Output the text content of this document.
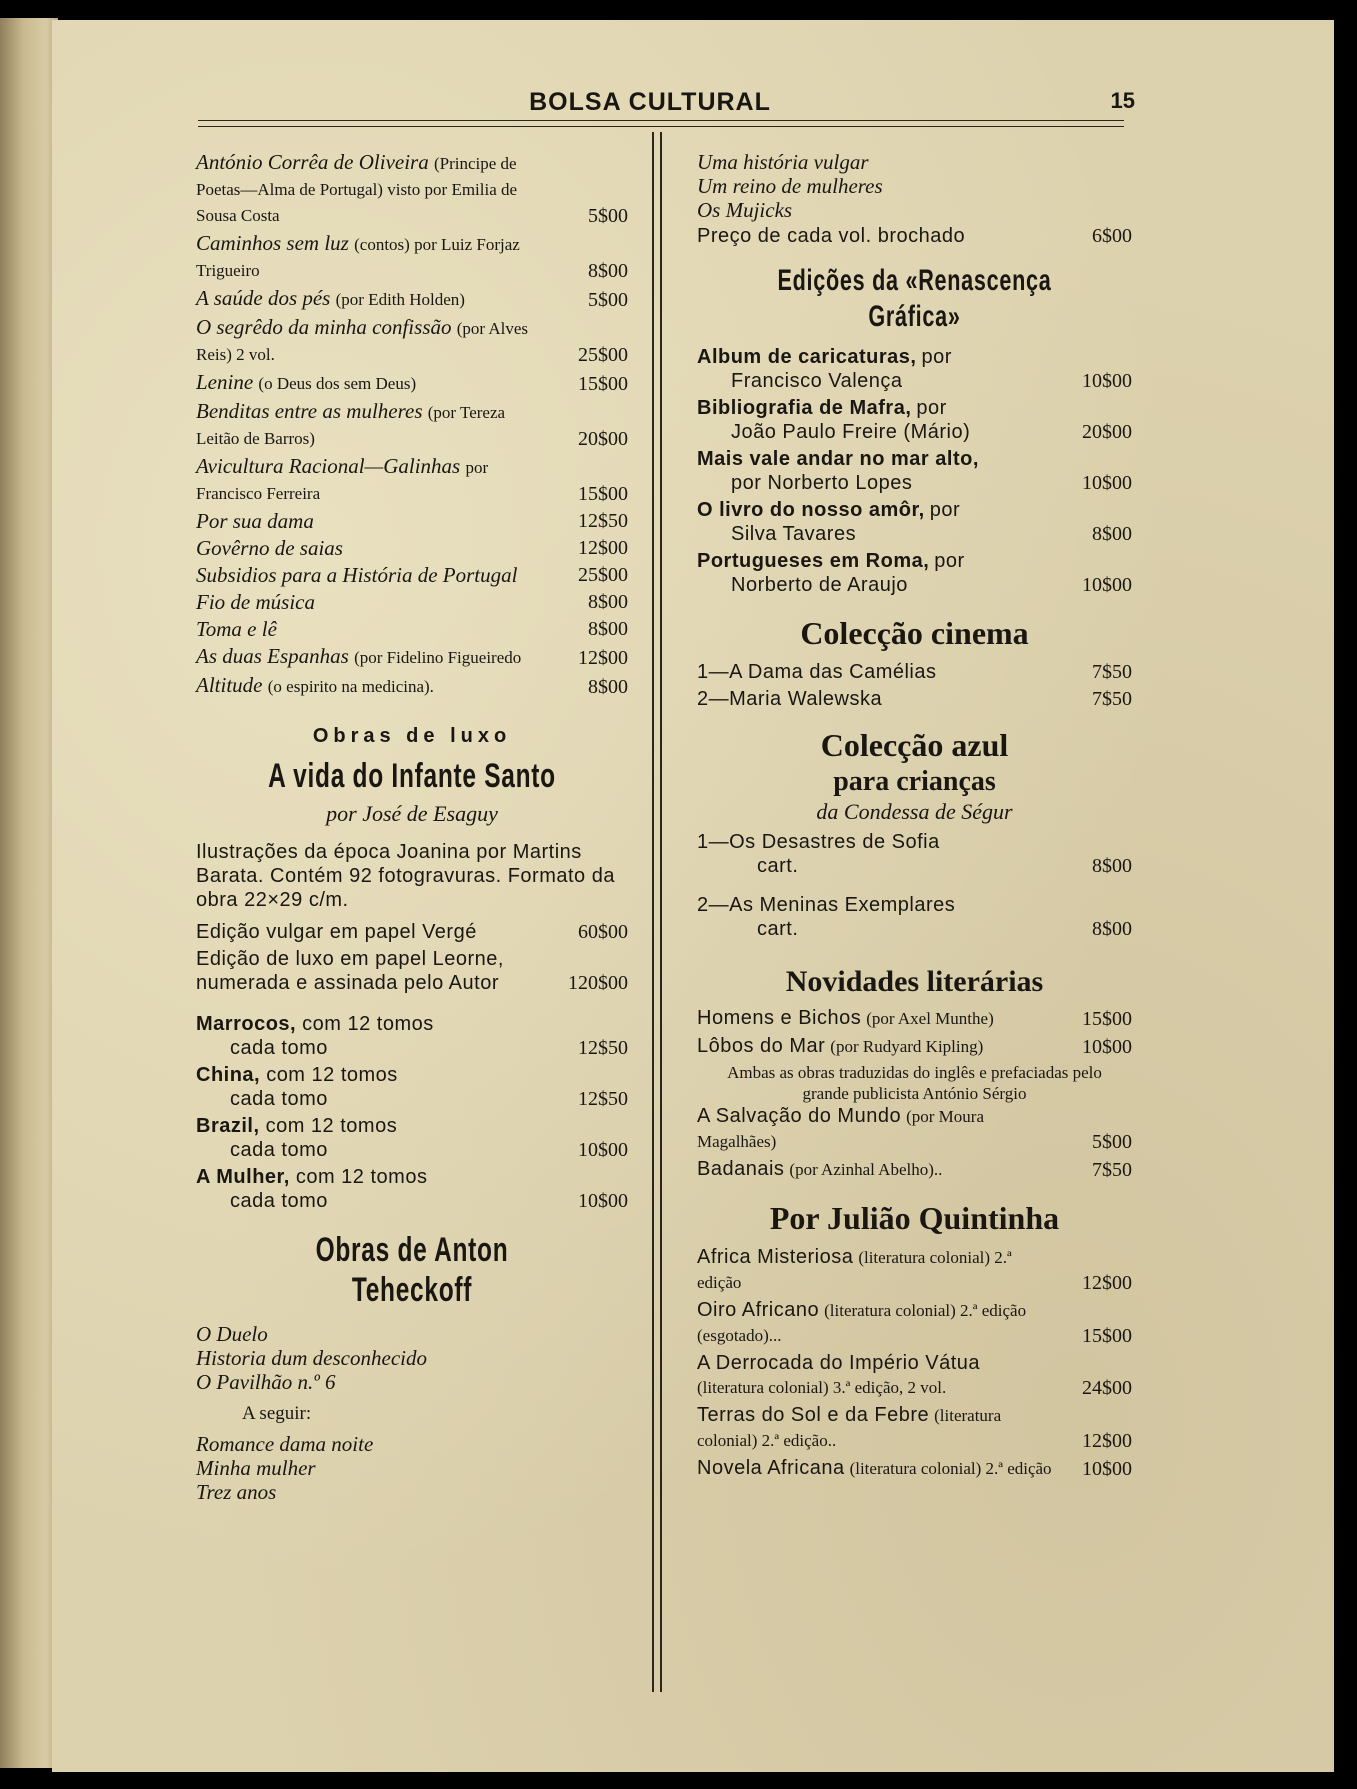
BOLSA CULTURAL	15
António Corrêa de Oliveira (Principe de Poetas—Alma de Portugal) visto por Emilia de Sousa Costa	5$00
Caminhos sem luz (contos) por Luiz Forjaz Trigueiro	8$00
A saúde dos pés (por Edith Holden)	5$00
O segrêdo da minha confissão (por Alves Reis) 2 vol.	25$00
Lenine (o Deus dos sem Deus)	15$00
Benditas entre as mulheres (por Tereza Leitão de Barros)	20$00
Avicultura Racional—Galinhas por Francisco Ferreira	15$00
Por sua dama	12$50
Govêrno de saias	12$00
Subsidios para a História de Portugal	25$00
Fio de música	8$00
Toma e lê	8$00
As duas Espanhas (por Fidelino Figueiredo	12$00
Altitude (o espirito na medicina).	8$00
Obras de luxo
A vida do Infante Santo
por José de Esaguy
Ilustrações da época Joanina por Martins Barata. Contém 92 fotogravuras. Formato da obra 22×29 c/m.
Edição vulgar em papel Vergé	60$00
Edição de luxo em papel Leorne, numerada e assinada pelo Autor	120$00
Marrocos, com 12 tomos
cada tomo	12$50
China, com 12 tomos
cada tomo	12$50
Brazil, com 12 tomos
cada tomo	10$00
A Mulher, com 12 tomos
cada tomo	10$00
Obras de Anton Teheckoff
O Duelo
Historia dum desconhecido
O Pavilhão n.º 6
A seguir:
Romance dama noite
Minha mulher
Trez anos
Uma história vulgar
Um reino de mulheres
Os Mujicks
Preço de cada vol. brochado	6$00
Edições da «Renascença Gráfica»
Album de caricaturas, por
Francisco Valença	10$00
Bibliografia de Mafra, por
João Paulo Freire (Mário)	20$00
Mais vale andar no mar alto,
por Norberto Lopes	10$00
O livro do nosso amôr, por
Silva Tavares	8$00
Portugueses em Roma, por
Norberto de Araujo	10$00
Colecção cinema
1—A Dama das Camélias	7$50
2—Maria Walewska	7$50
Colecção azul
para crianças
da Condessa de Ségur
1—Os Desastres de Sofia
cart.	8$00
2—As Meninas Exemplares
cart.	8$00
Novidades literárias
Homens e Bichos (por Axel Munthe)	15$00
Lôbos do Mar (por Rudyard Kipling)	10$00
Ambas as obras traduzidas do inglês e prefaciadas pelo grande publicista António Sérgio
A Salvação do Mundo (por Moura Magalhães)	5$00
Badanais (por Azinhal Abelho)..	7$50
Por Julião Quintinha
Africa Misteriosa (literatura colonial) 2.ª edição	12$00
Oiro Africano (literatura colonial) 2.ª edição (esgotado)...	15$00
A Derrocada do Império Vátua (literatura colonial) 3.ª edição, 2 vol.	24$00
Terras do Sol e da Febre (literatura colonial) 2.ª edição..	12$00
Novela Africana (literatura colonial) 2.ª edição	10$00
